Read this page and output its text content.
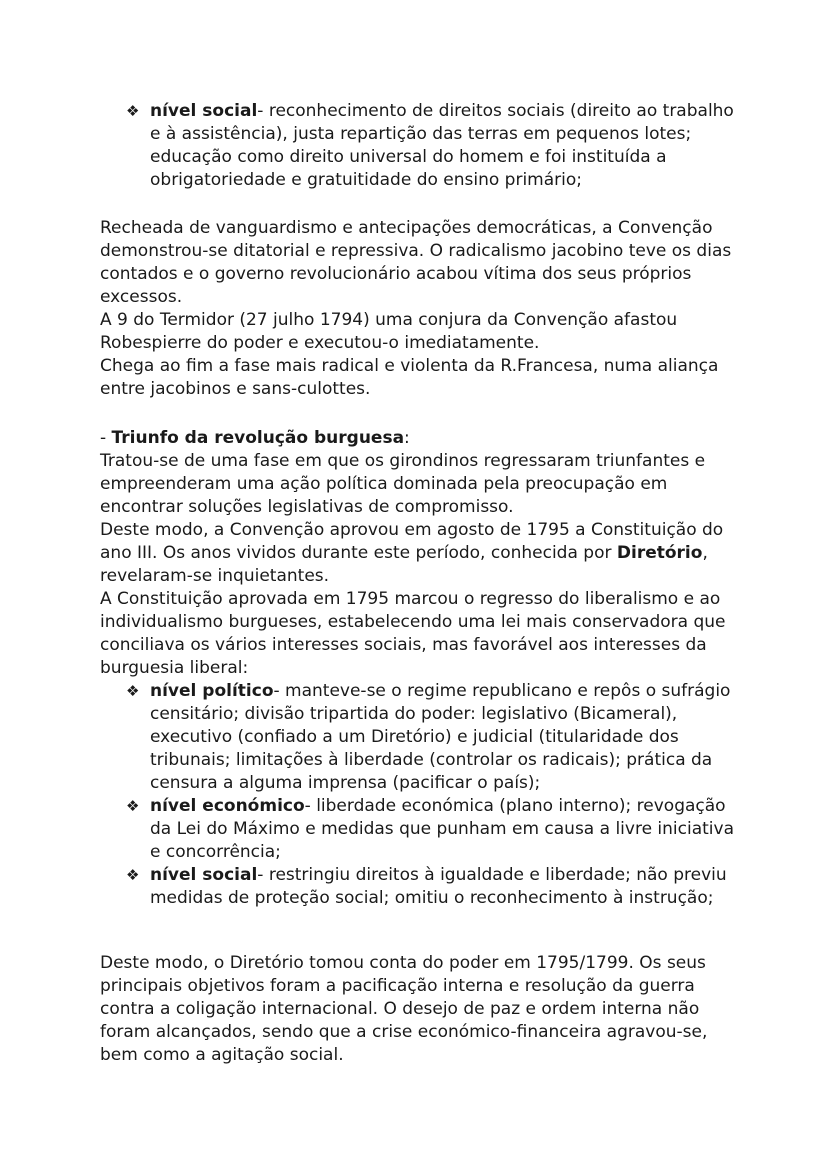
❖ nível social- reconhecimento de direitos sociais (direito ao trabalho e à assistência), justa repartição das terras em pequenos lotes; educação como direito universal do homem e foi instituída a obrigatoriedade e gratuitidade do ensino primário;

Recheada de vanguardismo e antecipações democráticas, a Convenção demonstrou-se ditatorial e repressiva. O radicalismo jacobino teve os dias contados e o governo revolucionário acabou vítima dos seus próprios excessos.

A 9 do Termidor (27 julho 1794) uma conjura da Convenção afastou Robespierre do poder e executou-o imediatamente.

Chega ao fim a fase mais radical e violenta da R.Francesa, numa aliança entre jacobinos e sans-culottes.

- Triunfo da revolução burguesa:

Tratou-se de uma fase em que os girondinos regressaram triunfantes e empreenderam uma ação política dominada pela preocupação em encontrar soluções legislativas de compromisso.

Deste modo, a Convenção aprovou em agosto de 1795 a Constituição do ano III. Os anos vividos durante este período, conhecida por Diretório, revelaram-se inquietantes.

A Constituição aprovada em 1795 marcou o regresso do liberalismo e ao individualismo burgueses, estabelecendo uma lei mais conservadora que conciliava os vários interesses sociais, mas favorável aos interesses da burguesia liberal:

❖ nível político- manteve-se o regime republicano e repôs o sufrágio censitário; divisão tripartida do poder: legislativo (Bicameral), executivo (confiado a um Diretório) e judicial (titularidade dos tribunais; limitações à liberdade (controlar os radicais); prática da censura a alguma imprensa (pacificar o país);
❖ nível económico- liberdade económica (plano interno); revogação da Lei do Máximo e medidas que punham em causa a livre iniciativa e concorrência;
❖ nível social- restringiu direitos à igualdade e liberdade; não previu medidas de proteção social; omitiu o reconhecimento à instrução;

Deste modo, o Diretório tomou conta do poder em 1795/1799. Os seus principais objetivos foram a pacificação interna e resolução da guerra contra a coligação internacional. O desejo de paz e ordem interna não foram alcançados, sendo que a crise económico-financeira agravou-se, bem como a agitação social.
